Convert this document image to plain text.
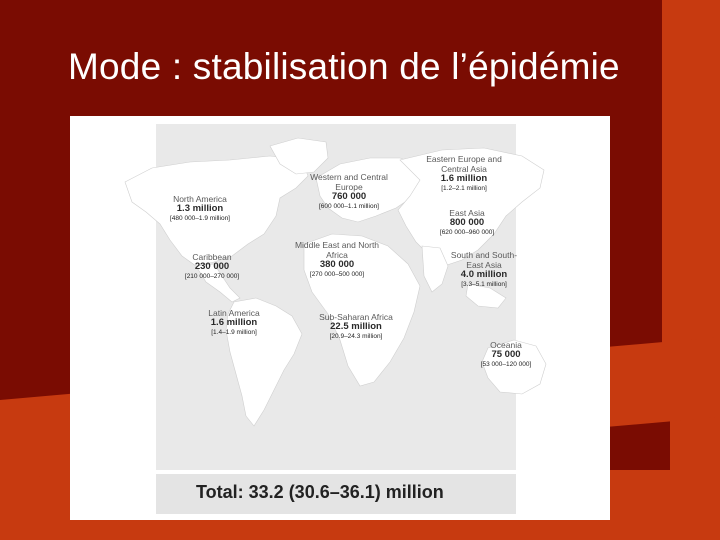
Mode : stabilisation de l’épidémie
North America
1.3 million
[480 000–1.9 million]
Caribbean
230 000
[210 000–270 000]
Latin America
1.6 million
[1.4–1.9 million]
Western and Central Europe
760 000
[600 000–1.1 million]
Middle East and North Africa
380 000
[270 000–500 000]
Sub-Saharan Africa
22.5 million
[20.9–24.3 million]
Eastern Europe and Central Asia
1.6 million
[1.2–2.1 million]
East Asia
800 000
[620 000–960 000]
South and South-East Asia
4.0 million
[3.3–5.1 million]
Oceania
75 000
[53 000–120 000]
Total: 33.2 (30.6–36.1) million
